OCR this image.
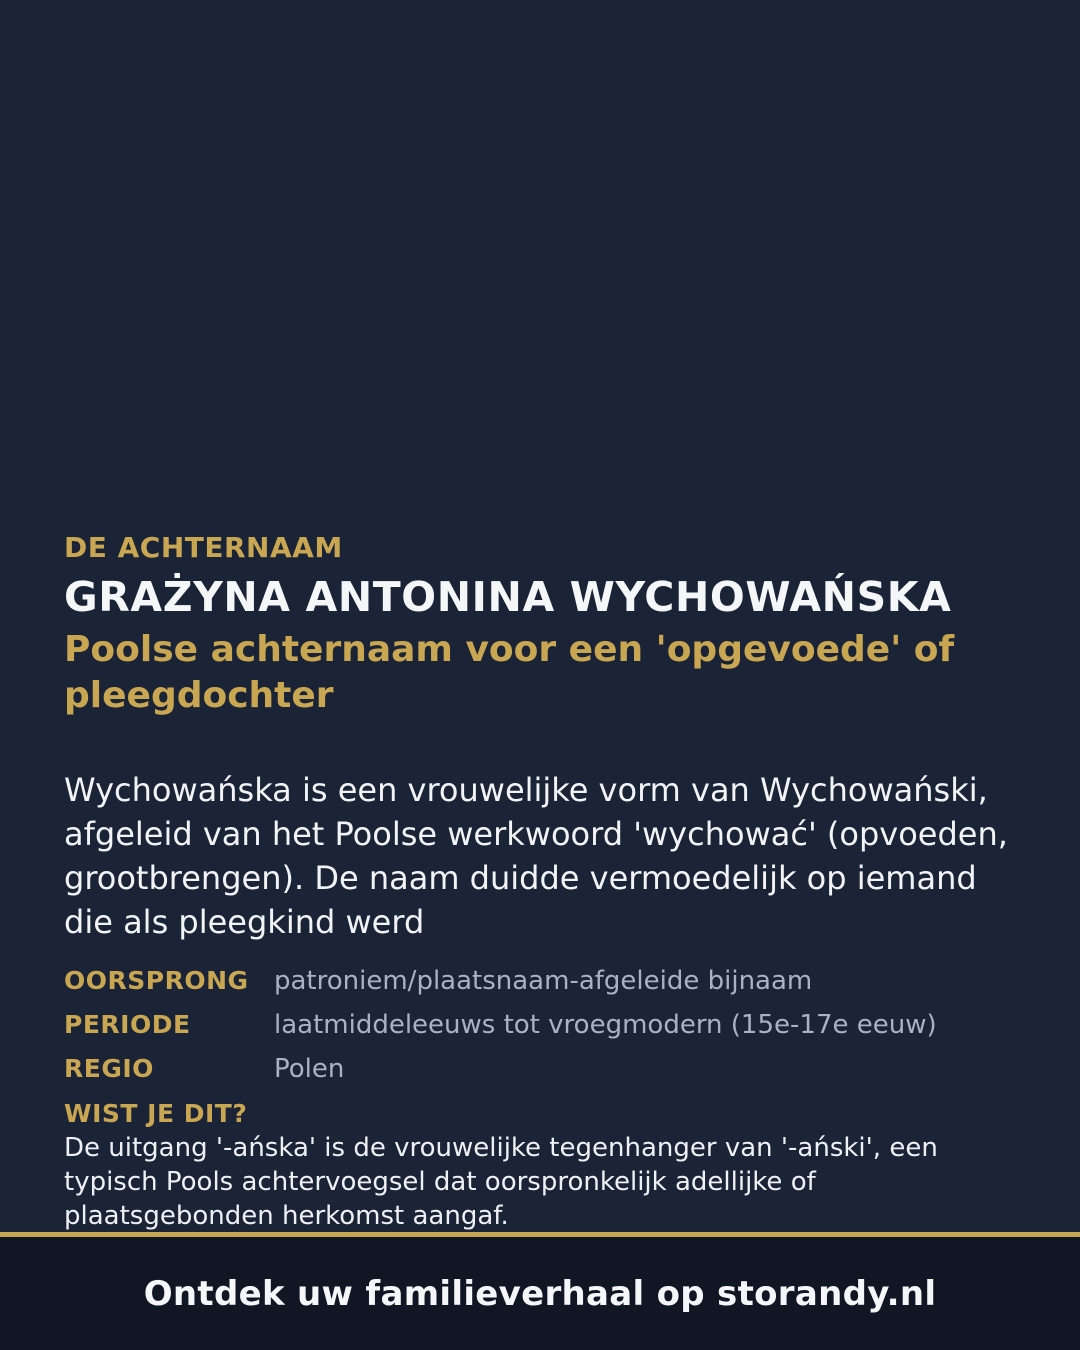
DE ACHTERNAAM
GRAŻYNA ANTONINA WYCHOWAŃSKA
Poolse achternaam voor een 'opgevoede' of pleegdochter
Wychowańska is een vrouwelijke vorm van Wychowański, afgeleid van het Poolse werkwoord 'wychować' (opvoeden, grootbrengen). De naam duidde vermoedelijk op iemand die als pleegkind werd
OORSPRONG patroniem/plaatsnaam-afgeleide bijnaam
PERIODE	laatmiddeleeuws tot vroegmodern (15e-17e eeuw)
REGIO	Polen
WIST JE DIT?
De uitgang '-ańska' is de vrouwelijke tegenhanger van '-ański', een typisch Pools achtervoegsel dat oorspronkelijk adellijke of plaatsgebonden herkomst aangaf.
Ontdek uw familieverhaal op storandy.nl
